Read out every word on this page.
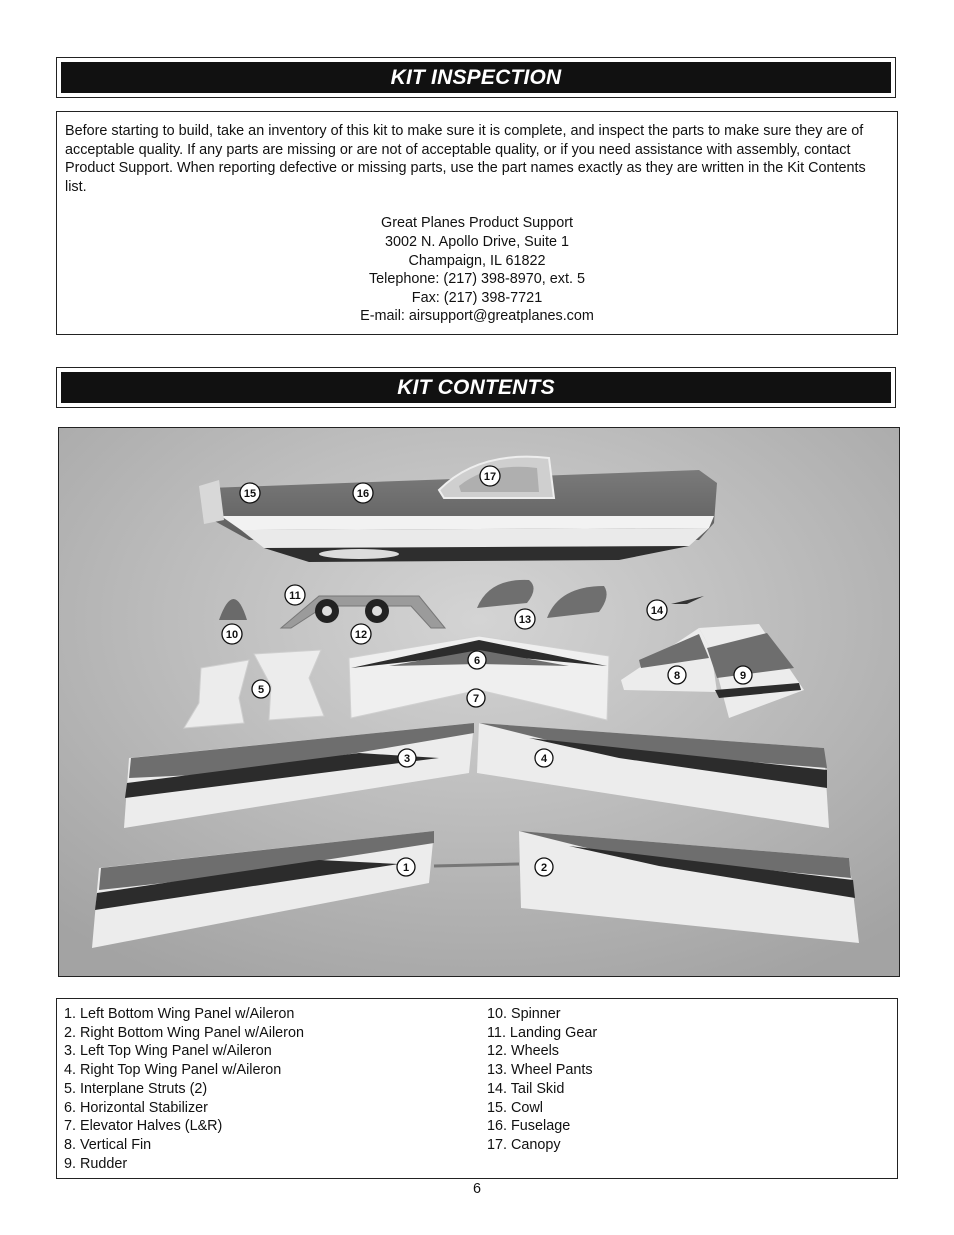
KIT INSPECTION

Before starting to build, take an inventory of this kit to make sure it is complete, and inspect the parts to make sure they are of acceptable quality. If any parts are missing or are not of acceptable quality, or if you need assistance with assembly, contact Product Support. When reporting defective or missing parts, use the part names exactly as they are written in the Kit Contents list.

Great Planes Product Support
3002 N. Apollo Drive, Suite 1
Champaign, IL 61822
Telephone: (217) 398-8970, ext. 5
Fax: (217) 398-7721
E-mail: airsupport@greatplanes.com
KIT CONTENTS
1	2
3	4
5
6
7
8	9
10
11
12
13
14
15	16
17
1. Left Bottom Wing Panel w/Aileron
2. Right Bottom Wing Panel w/Aileron
3. Left Top Wing Panel w/Aileron
4. Right Top Wing Panel w/Aileron
5. Interplane Struts (2)
6. Horizontal Stabilizer
7. Elevator Halves (L&R)
8. Vertical Fin
9. Rudder
10. Spinner
11. Landing Gear
12. Wheels
13. Wheel Pants
14. Tail Skid
15. Cowl
16. Fuselage
17. Canopy
6
